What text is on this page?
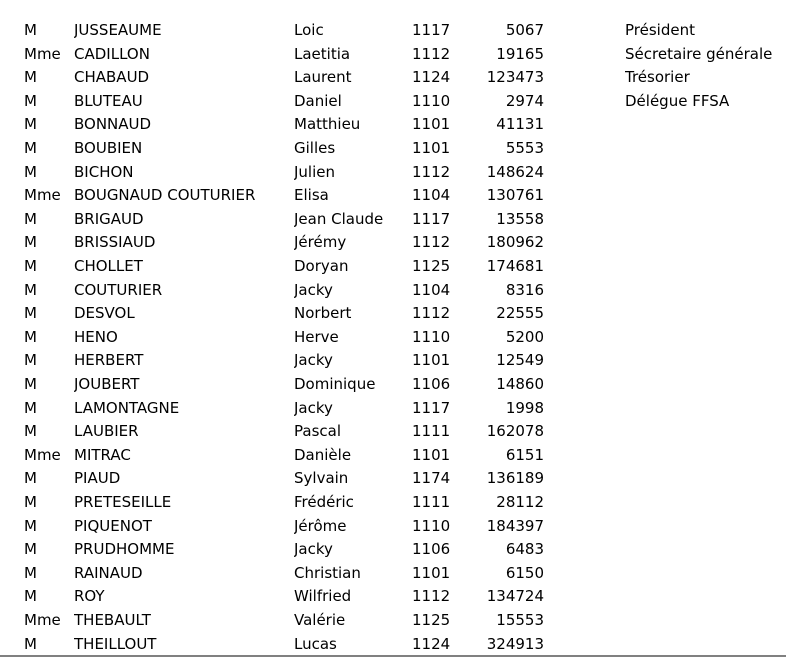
M	JUSSEAUME	Loic	1117	5067	Président
Mme CADILLON	Laetitia	1112	19165	Sécretaire générale
M	CHABAUD	Laurent	1124	123473	Trésorier
M	BLUTEAU	Daniel	1110	2974	Délégue FFSA
M	BONNAUD	Matthieu	1101	41131
M	BOUBIEN	Gilles	1101	5553
M	BICHON	Julien	1112	148624
Mme BOUGNAUD COUTURIER	Elisa	1104	130761
M	BRIGAUD	Jean Claude	1117	13558
M	BRISSIAUD	Jérémy	1112	180962
M	CHOLLET	Doryan	1125	174681
M	COUTURIER	Jacky	1104	8316
M	DESVOL	Norbert	1112	22555
M	HENO	Herve	1110	5200
M	HERBERT	Jacky	1101	12549
M	JOUBERT	Dominique	1106	14860
M	LAMONTAGNE	Jacky	1117	1998
M	LAUBIER	Pascal	1111	162078
Mme MITRAC	Danièle	1101	6151
M	PIAUD	Sylvain	1174	136189
M	PRETESEILLE	Frédéric	1111	28112
M	PIQUENOT	Jérôme	1110	184397
M	PRUDHOMME	Jacky	1106	6483
M	RAINAUD	Christian	1101	6150
M	ROY	Wilfried	1112	134724
Mme THEBAULT	Valérie	1125	15553
M	THEILLOUT	Lucas	1124	324913
